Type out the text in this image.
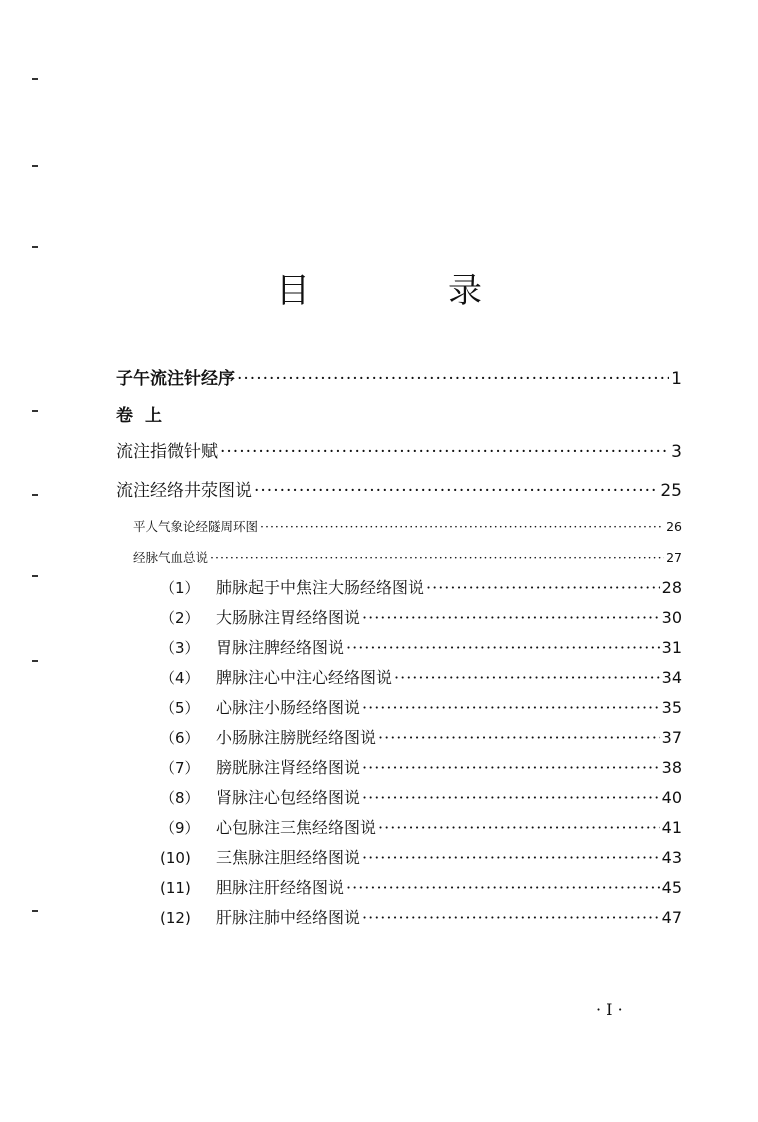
目　录
子午流注针经序 ·····	1
卷上
流注指微针赋 ·····	3
流注经络井荥图说 ·····	25
平人气象论经隧周环图 ·····	26
经脉气血总说 ·····	27
（1） 肺脉起于中焦注大肠经络图说 ·····	28
（2） 大肠脉注胃经络图说 ·····	30
（3） 胃脉注脾经络图说 ·····	31
（4） 脾脉注心中注心经络图说 ·····	34
（5） 心脉注小肠经络图说 ·····	35
（6） 小肠脉注膀胱经络图说 ·····	37
（7） 膀胱脉注肾经络图说 ·····	38
（8） 肾脉注心包经络图说 ·····	40
（9） 心包脉注三焦经络图说 ·····	41
(10) 三焦脉注胆经络图说 ·····	43
(11) 胆脉注肝经络图说 ·····	45
(12) 肝脉注肺中经络图说 ·····	47
· I ·
